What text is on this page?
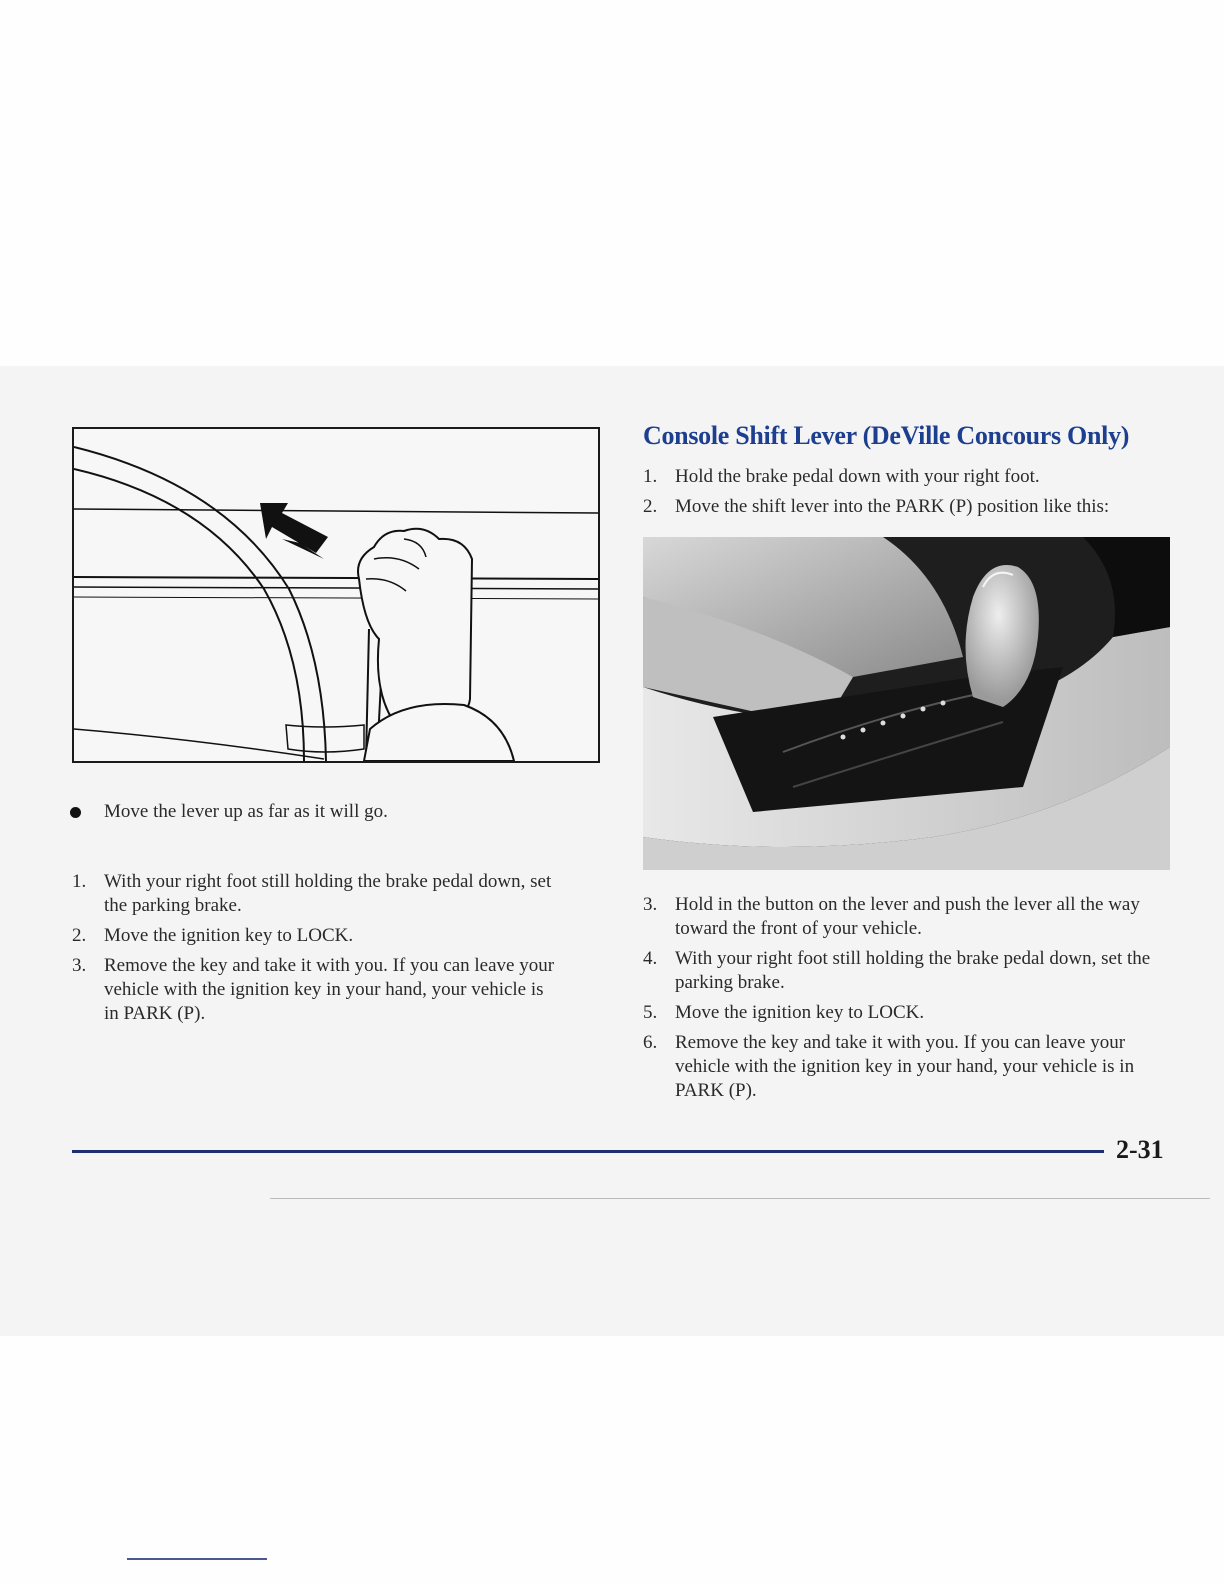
Move the lever up as far as it will go.
1. With your right foot still holding the brake pedal down, set the parking brake.
2. Move the ignition key to LOCK.
3. Remove the key and take it with you. If you can leave your vehicle with the ignition key in your hand, your vehicle is in PARK (P).
Console Shift Lever (DeVille Concours Only)
1. Hold the brake pedal down with your right foot.
2. Move the shift lever into the PARK (P) position like this:
3. Hold in the button on the lever and push the lever all the way toward the front of your vehicle.
4. With your right foot still holding the brake pedal down, set the parking brake.
5. Move the ignition key to LOCK.
6. Remove the key and take it with you. If you can leave your vehicle with the ignition key in your hand, your vehicle is in PARK (P).
2-31
